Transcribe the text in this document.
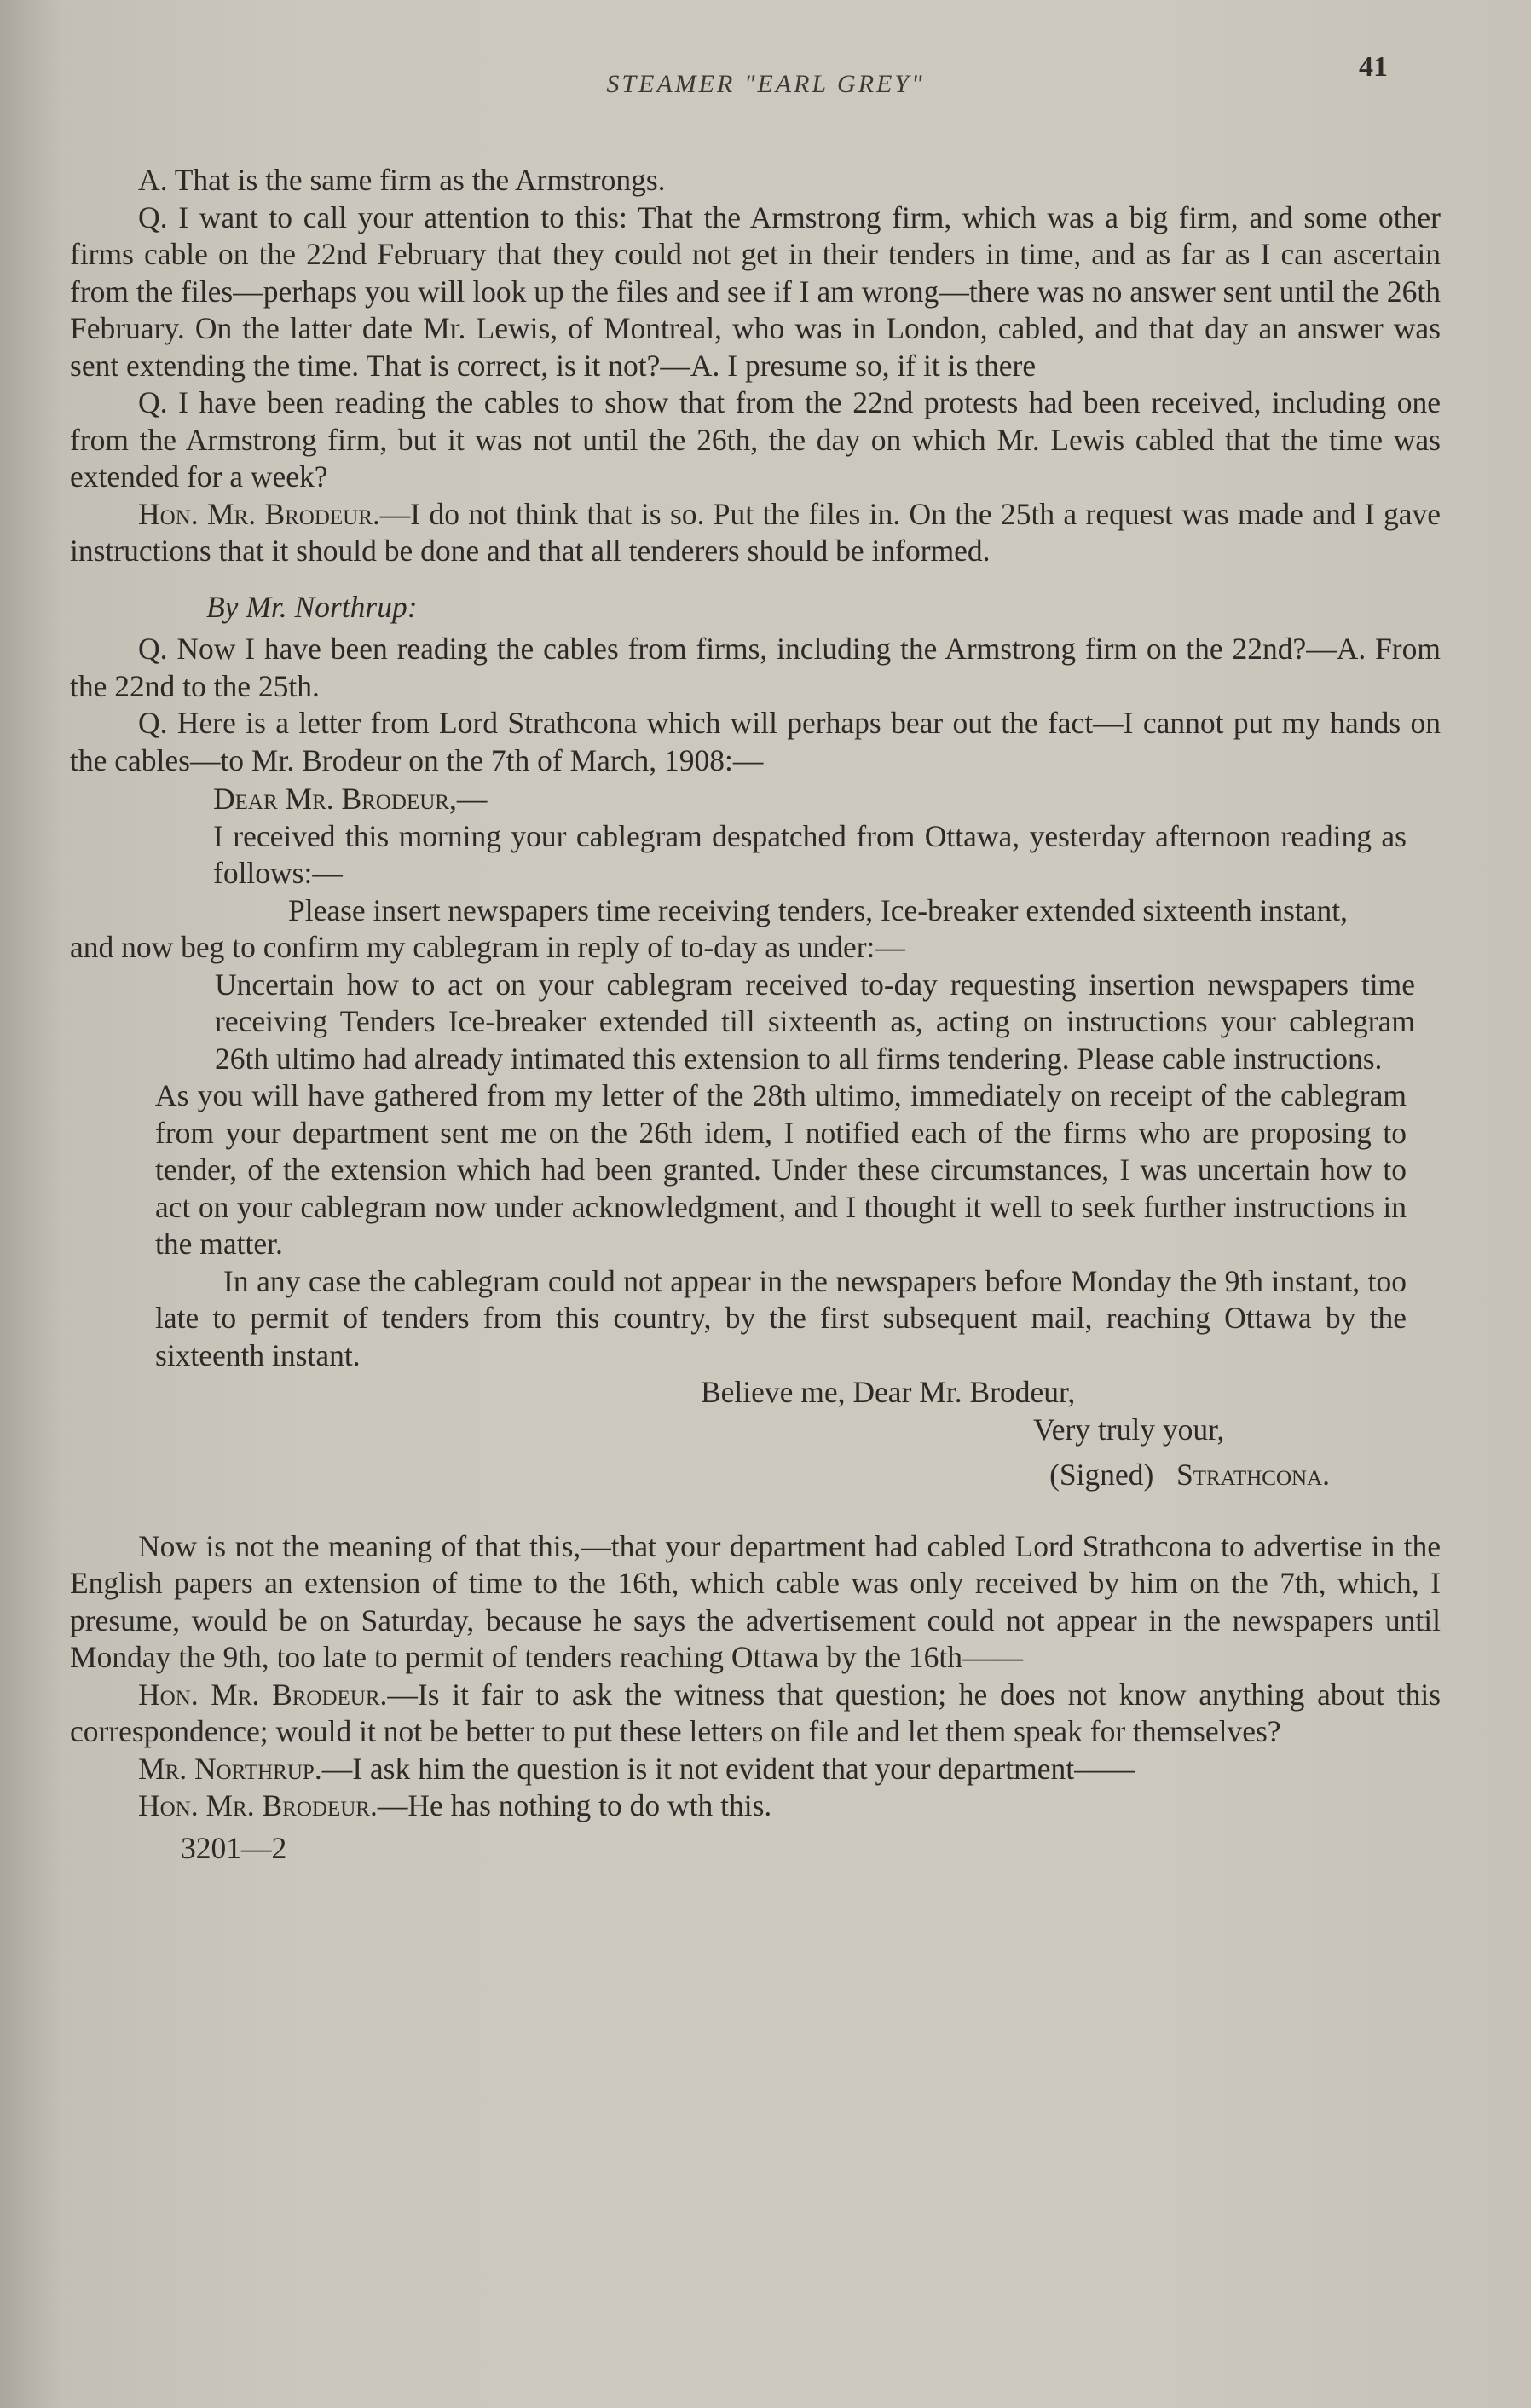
STEAMER "EARL GREY"
41

A. That is the same firm as the Armstrongs.

Q. I want to call your attention to this: That the Armstrong firm, which was a big firm, and some other firms cable on the 22nd February that they could not get in their tenders in time, and as far as I can ascertain from the files—perhaps you will look up the files and see if I am wrong—there was no answer sent until the 26th February. On the latter date Mr. Lewis, of Montreal, who was in London, cabled, and that day an answer was sent extending the time. That is correct, is it not?—A. I presume so, if it is there

Q. I have been reading the cables to show that from the 22nd protests had been received, including one from the Armstrong firm, but it was not until the 26th, the day on which Mr. Lewis cabled that the time was extended for a week?

Hon. Mr. Brodeur.—I do not think that is so. Put the files in. On the 25th a request was made and I gave instructions that it should be done and that all tenderers should be informed.

By Mr. Northrup:

Q. Now I have been reading the cables from firms, including the Armstrong firm on the 22nd?—A. From the 22nd to the 25th.

Q. Here is a letter from Lord Strathcona which will perhaps bear out the fact—I cannot put my hands on the cables—to Mr. Brodeur on the 7th of March, 1908:—

Dear Mr. Brodeur,—

I received this morning your cablegram despatched from Ottawa, yesterday afternoon reading as follows:—

Please insert newspapers time receiving tenders, Ice-breaker extended sixteenth instant,

and now beg to confirm my cablegram in reply of to-day as under:—

Uncertain how to act on your cablegram received to-day requesting insertion newspapers time receiving Tenders Ice-breaker extended till sixteenth as, acting on instructions your cablegram 26th ultimo had already intimated this extension to all firms tendering. Please cable instructions.

As you will have gathered from my letter of the 28th ultimo, immediately on receipt of the cablegram from your department sent me on the 26th idem, I notified each of the firms who are proposing to tender, of the extension which had been granted. Under these circumstances, I was uncertain how to act on your cablegram now under acknowledgment, and I thought it well to seek further instructions in the matter.

In any case the cablegram could not appear in the newspapers before Monday the 9th instant, too late to permit of tenders from this country, by the first subsequent mail, reaching Ottawa by the sixteenth instant.

Believe me, Dear Mr. Brodeur,

Very truly your,

(Signed) Strathcona.

Now is not the meaning of that this,—that your department had cabled Lord Strathcona to advertise in the English papers an extension of time to the 16th, which cable was only received by him on the 7th, which, I presume, would be on Saturday, because he says the advertisement could not appear in the newspapers until Monday the 9th, too late to permit of tenders reaching Ottawa by the 16th——

Hon. Mr. Brodeur.—Is it fair to ask the witness that question; he does not know anything about this correspondence; would it not be better to put these letters on file and let them speak for themselves?

Mr. Northrup.—I ask him the question is it not evident that your department——

Hon. Mr. Brodeur.—He has nothing to do wth this.

3201—2
